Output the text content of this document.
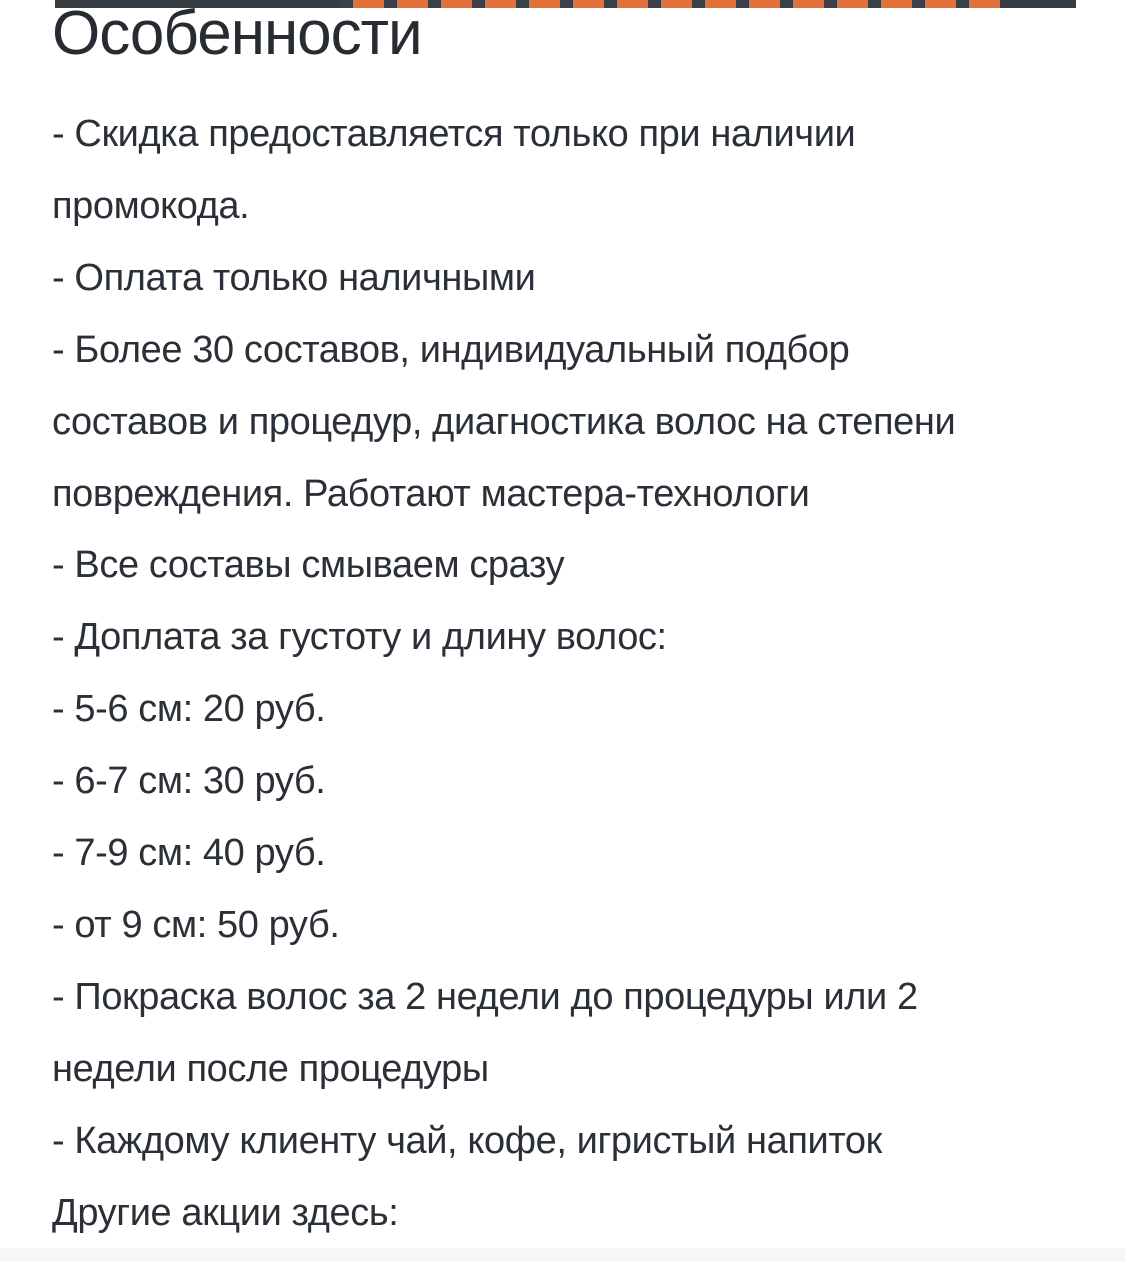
Особенности
- Скидка предоставляется только при наличии
промокода.
- Оплата только наличными
- Более 30 составов, индивидуальный подбор
составов и процедур, диагностика волос на степени
повреждения. Работают мастера-технологи
- Все составы смываем сразу
- Доплата за густоту и длину волос:
- 5-6 см: 20 руб.
- 6-7 см: 30 руб.
- 7-9 см: 40 руб.
- от 9 см: 50 руб.
- Покраска волос за 2 недели до процедуры или 2
недели после процедуры
- Каждому клиенту чай, кофе, игристый напиток
Другие акции здесь:
